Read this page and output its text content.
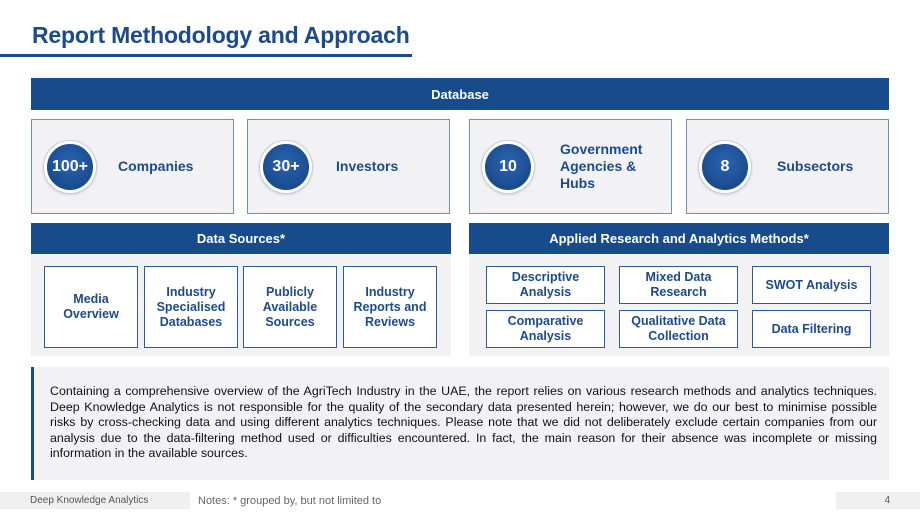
Report Methodology and Approach
Database
100+	Companies	30+	Investors	10
Government Agencies & Hubs
8	Subsectors
Data Sources*
Media Overview
Industry Specialised Databases
Publicly Available Sources
Industry Reports and Reviews
Applied Research and Analytics Methods*
Descriptive Analysis
Mixed Data Research
SWOT Analysis
Comparative Analysis
Qualitative Data Collection
Data Filtering
Containing a comprehensive overview of the AgriTech Industry in the UAE, the report relies on various research methods and analytics techniques. Deep Knowledge Analytics is not responsible for the quality of the secondary data presented herein; however, we do our best to minimise possible risks by cross-checking data and using different analytics techniques. Please note that we did not deliberately exclude certain companies from our analysis due to the data-filtering method used or difficulties encountered. In fact, the main reason for their absence was incomplete or missing information in the available sources.
Deep Knowledge Analytics	Notes: * grouped by, but not limited to	4
